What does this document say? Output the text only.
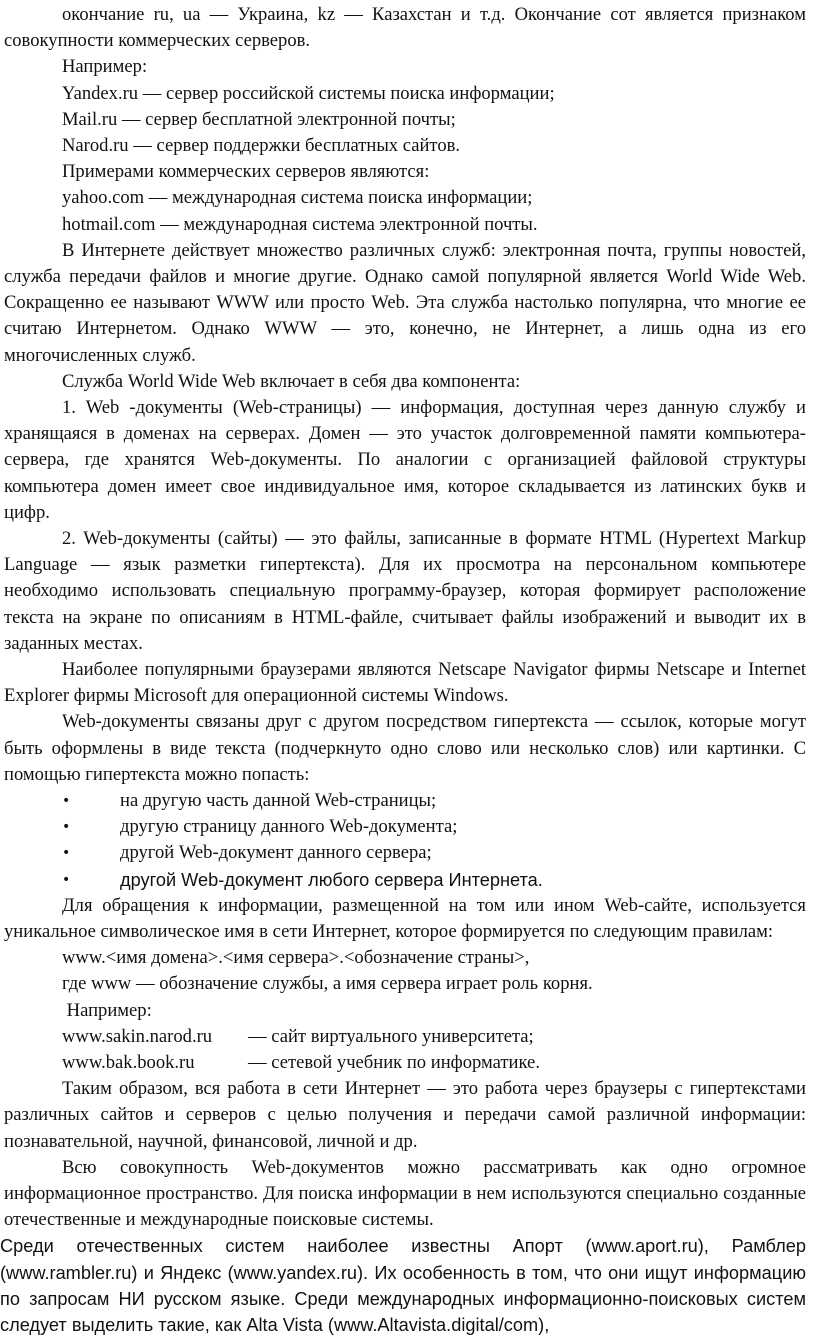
окончание ru, ua — Украина, kz — Казахстан и т.д. Окончание сот является признаком совокупности коммерческих серверов.

Например:

Yandex.ru — сервер российской системы поиска информации;

Mail.ru — сервер бесплатной электронной почты;

Narod.ru — сервер поддержки бесплатных сайтов.

Примерами коммерческих серверов являются:

yahoo.com — международная система поиска информации;

hotmail.com — международная система электронной почты.

В Интернете действует множество различных служб: электронная почта, группы новостей, служба передачи файлов и многие другие. Однако самой популярной является World Wide Web. Сокращенно ее называют WWW или просто Web. Эта служба настолько популярна, что многие ее считаю Интернетом. Однако WWW — это, конечно, не Интернет, а лишь одна из его многочисленных служб.

Служба World Wide Web включает в себя два компонента:

1. Web -документы (Web-страницы) — информация, доступная через данную службу и хранящаяся в доменах на серверах. Домен — это участок долговременной памяти компьютера-сервера, где хранятся Web-документы. По аналогии с организацией файловой структуры компьютера домен имеет свое индивидуальное имя, которое складывается из латинских букв и цифр.

2. Web-документы (сайты) — это файлы, записанные в формате HTML (Hypertext Markup Language — язык разметки гипертекста). Для их просмотра на персональном компьютере необходимо использовать специальную программу-браузер, которая формирует расположение текста на экране по описаниям в HTML-файле, считывает файлы изображений и выводит их в заданных местах.

Наиболее популярными браузерами являются Netscape Navigator фирмы Netscape и Internet Explorer фирмы Microsoft для операционной системы Windows.

Web-документы связаны друг с другом посредством гипертекста — ссылок, которые могут быть оформлены в виде текста (подчеркнуто одно слово или несколько слов) или картинки. С помощью гипертекста можно попасть:

•	на другую часть данной Web-страницы;
•	другую страницу данного Web-документа;
•	другой Web-документ данного сервера;
•	другой Web-документ любого сервера Интернета.

Для обращения к информации, размещенной на том или ином Web-сайте, используется уникальное символическое имя в сети Интернет, которое формируется по следующим правилам:

www.<имя домена>.<имя сервера>.<обозначение страны>,

где www — обозначение службы, а имя сервера играет роль корня.

Например:

www.sakin.narod.ru — сайт виртуального университета;

www.bak.book.ru	— сетевой учебник по информатике.

Таким образом, вся работа в сети Интернет — это работа через браузеры с гипертекстами различных сайтов и серверов с целью получения и передачи самой различной информации: познавательной, научной, финансовой, личной и др.

Всю совокупность Web-документов можно рассматривать как одно огромное информационное пространство. Для поиска информации в нем используются специально созданные отечественные и международные поисковые системы.

Среди отечественных систем наиболее известны Апорт (www.aport.ru), Рамблер (www.rambler.ru) и Яндекс (www.yandex.ru). Их особенность в том, что они ищут информацию по запросам НИ русском языке. Среди международных информационно-поисковых систем следует выделить такие, как Alta Vista (www.Altavista.digital/com),
